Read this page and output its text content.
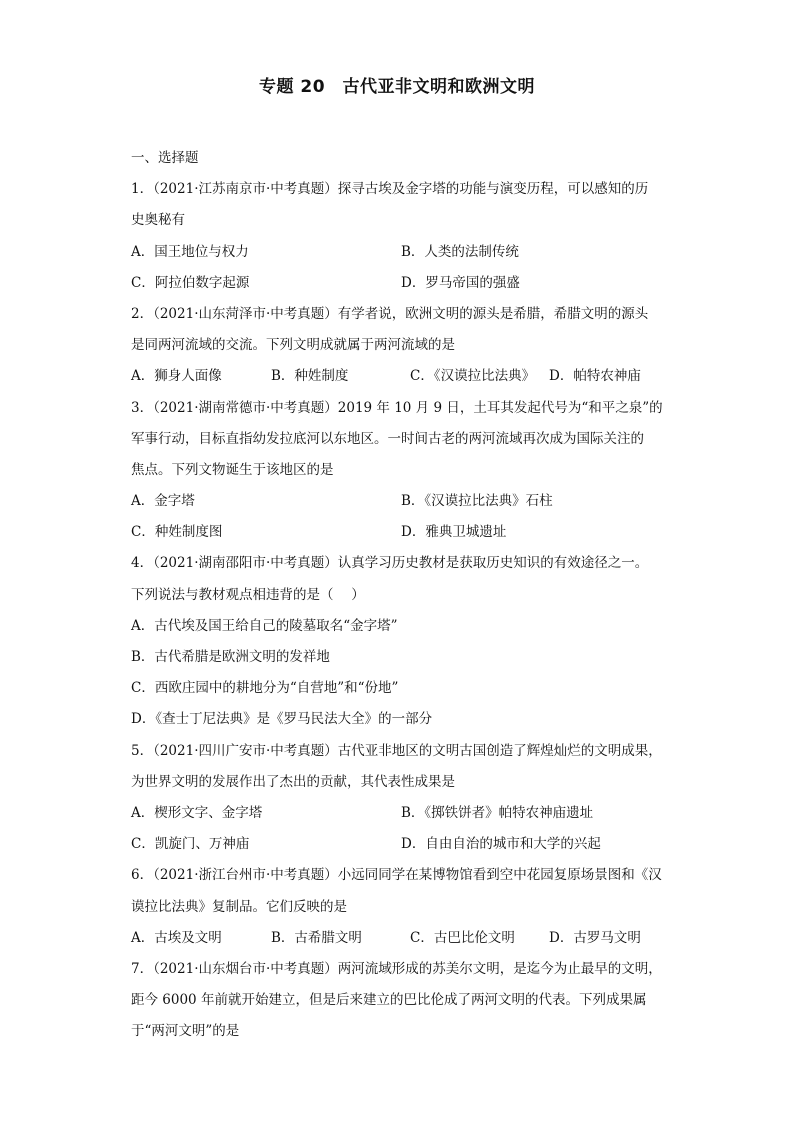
专题 20　古代亚非文明和欧洲文明
一、选择题
1．（2021·江苏南京市·中考真题）探寻古埃及金字塔的功能与演变历程，可以感知的历
史奥秘有
A．国王地位与权力	B．人类的法制传统
C．阿拉伯数字起源	D．罗马帝国的强盛
2．（2021·山东菏泽市·中考真题）有学者说，欧洲文明的源头是希腊，希腊文明的源头
是同两河流域的交流。下列文明成就属于两河流域的是
A．狮身人面像	B．种姓制度	C．《汉谟拉比法典》 D．帕特农神庙
3．（2021·湖南常德市·中考真题）2019 年 10 月 9 日，土耳其发起代号为“和平之泉”的
军事行动，目标直指幼发拉底河以东地区。一时间古老的两河流域再次成为国际关注的
焦点。下列文物诞生于该地区的是
A．金字塔	B．《汉谟拉比法典》石柱
C．种姓制度图	D．雅典卫城遗址
4．（2021·湖南邵阳市·中考真题）认真学习历史教材是获取历史知识的有效途径之一。
下列说法与教材观点相违背的是（　 ）
A．古代埃及国王给自己的陵墓取名“金字塔”
B．古代希腊是欧洲文明的发祥地
C．西欧庄园中的耕地分为“自营地”和“份地”
D．《查士丁尼法典》是《罗马民法大全》的一部分
5．（2021·四川广安市·中考真题）古代亚非地区的文明古国创造了辉煌灿烂的文明成果，
为世界文明的发展作出了杰出的贡献，其代表性成果是
A．楔形文字、金字塔	B．《掷铁饼者》帕特农神庙遗址
C．凯旋门、万神庙	D．自由自治的城市和大学的兴起
6．（2021·浙江台州市·中考真题）小远同同学在某博物馆看到空中花园复原场景图和《汉
谟拉比法典》复制品。它们反映的是
A．古埃及文明	B．古希腊文明	C．古巴比伦文明	D．古罗马文明
7．（2021·山东烟台市·中考真题）两河流域形成的苏美尔文明，是迄今为止最早的文明，
距今 6000 年前就开始建立，但是后来建立的巴比伦成了两河文明的代表。下列成果属
于“两河文明”的是
